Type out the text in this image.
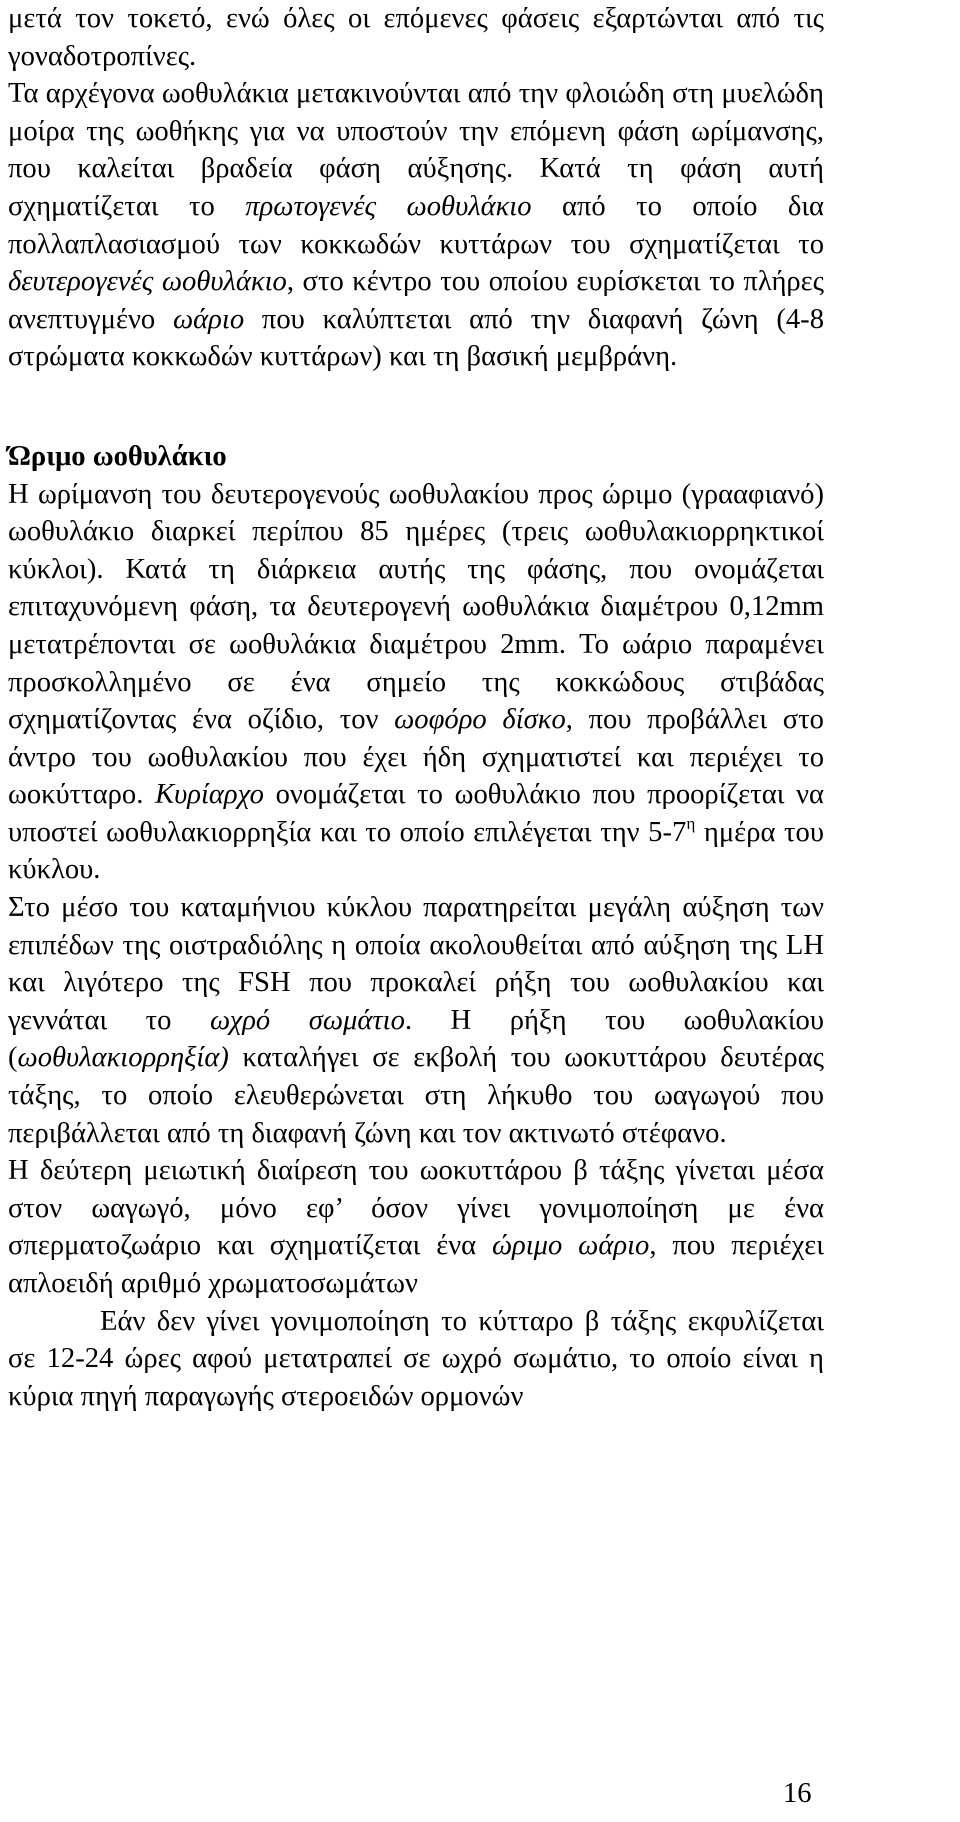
μετά τον τοκετό, ενώ όλες οι επόμενες φάσεις εξαρτώνται από τις γοναδοτροπίνες.

Τα αρχέγονα ωοθυλάκια μετακινούνται από την φλοιώδη στη μυελώδη μοίρα της ωοθήκης για να υποστούν την επόμενη φάση ωρίμανσης, που καλείται βραδεία φάση αύξησης. Κατά τη φάση αυτή σχηματίζεται το πρωτογενές ωοθυλάκιο από το οποίο δια πολλαπλασιασμού των κοκκωδών κυττάρων του σχηματίζεται το δευτερογενές ωοθυλάκιο, στο κέντρο του οποίου ευρίσκεται το πλήρες ανεπτυγμένο ωάριο που καλύπτεται από την διαφανή ζώνη (4-8 στρώματα κοκκωδών κυττάρων) και τη βασική μεμβράνη.

Ώριμο ωοθυλάκιο

Η ωρίμανση του δευτερογενούς ωοθυλακίου προς ώριμο (γρααφιανό) ωοθυλάκιο διαρκεί περίπου 85 ημέρες (τρεις ωοθυλακιορρηκτικοί κύκλοι). Κατά τη διάρκεια αυτής της φάσης, που ονομάζεται επιταχυνόμενη φάση, τα δευτερογενή ωοθυλάκια διαμέτρου 0,12mm μετατρέπονται σε ωοθυλάκια διαμέτρου 2mm. Το ωάριο παραμένει προσκολλημένο σε ένα σημείο της κοκκώδους στιβάδας σχηματίζοντας ένα οζίδιο, τον ωοφόρο δίσκο, που προβάλλει στο άντρο του ωοθυλακίου που έχει ήδη σχηματιστεί και περιέχει το ωοκύτταρο. Κυρίαρχο ονομάζεται το ωοθυλάκιο που προορίζεται να υποστεί ωοθυλακιορρηξία και το οποίο επιλέγεται την $5-7^\eta$ ημέρα του κύκλου.

Στο μέσο του καταμήνιου κύκλου παρατηρείται μεγάλη αύξηση των επιπέδων της οιστραδιόλης η οποία ακολουθείται από αύξηση της LH και λιγότερο της FSH που προκαλεί ρήξη του ωοθυλακίου και γεννάται το ωχρό σωμάτιο. Η ρήξη του ωοθυλακίου (ωοθυλακιορρηξία) καταλήγει σε εκβολή του ωοκυττάρου δευτέρας τάξης, το οποίο ελευθερώνεται στη λήκυθο του ωαγωγού που περιβάλλεται από τη διαφανή ζώνη και τον ακτινωτό στέφανο.

Η δεύτερη μειωτική διαίρεση του ωοκυττάρου β τάξης γίνεται μέσα στον ωαγωγό, μόνο εφ’ όσον γίνει γονιμοποίηση με ένα σπερματοζωάριο και σχηματίζεται ένα ώριμο ωάριο, που περιέχει απλοειδή αριθμό χρωματοσωμάτων

Εάν δεν γίνει γονιμοποίηση το κύτταρο β τάξης εκφυλίζεται σε 12-24 ώρες αφού μετατραπεί σε ωχρό σωμάτιο, το οποίο είναι η κύρια πηγή παραγωγής στεροειδών ορμονών

16
